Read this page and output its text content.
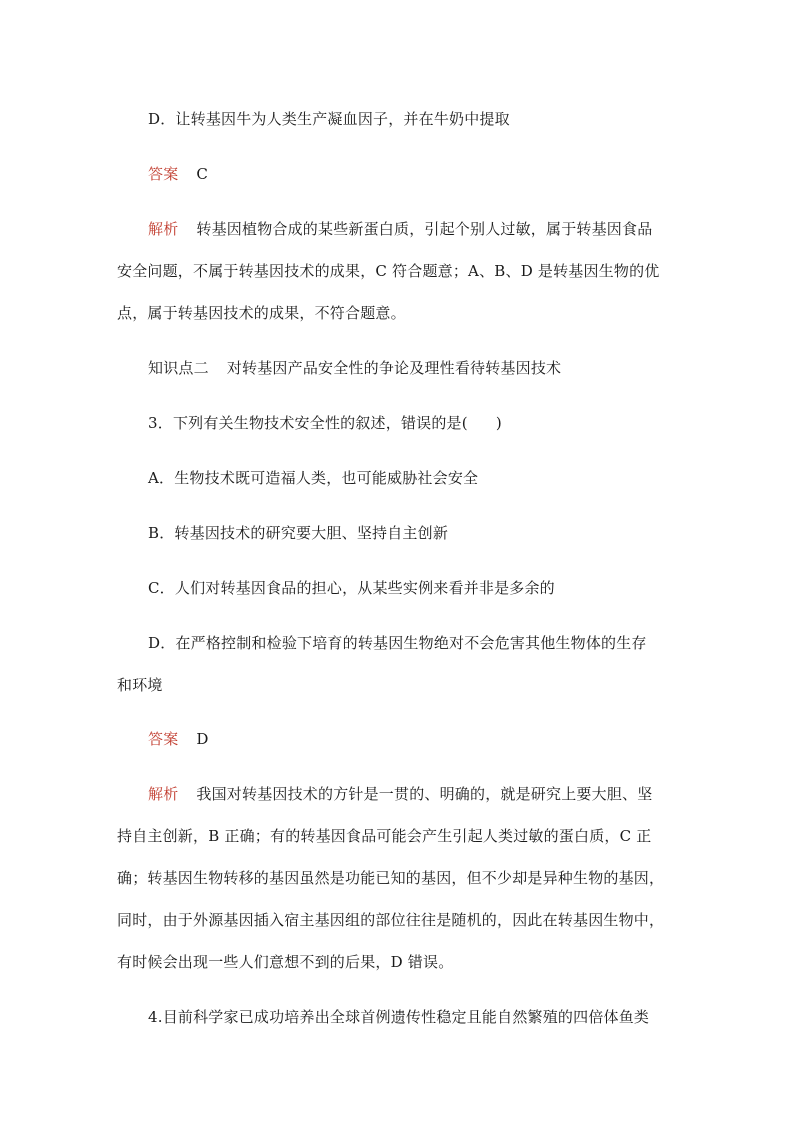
D．让转基因牛为人类生产凝血因子，并在牛奶中提取
答案 C
解析 转基因植物合成的某些新蛋白质，引起个别人过敏，属于转基因食品
安全问题，不属于转基因技术的成果，C 符合题意；A、B、D 是转基因生物的优
点，属于转基因技术的成果，不符合题意。
知识点二 对转基因产品安全性的争论及理性看待转基因技术
3．下列有关生物技术安全性的叙述，错误的是( )
A．生物技术既可造福人类，也可能威胁社会安全
B．转基因技术的研究要大胆、坚持自主创新
C．人们对转基因食品的担心，从某些实例来看并非是多余的
D．在严格控制和检验下培育的转基因生物绝对不会危害其他生物体的生存
和环境
答案 D
解析 我国对转基因技术的方针是一贯的、明确的，就是研究上要大胆、坚
持自主创新，B 正确；有的转基因食品可能会产生引起人类过敏的蛋白质，C 正
确；转基因生物转移的基因虽然是功能已知的基因，但不少却是异种生物的基因，
同时，由于外源基因插入宿主基因组的部位往往是随机的，因此在转基因生物中，
有时候会出现一些人们意想不到的后果，D 错误。
4.目前科学家已成功培养出全球首例遗传性稳定且能自然繁殖的四倍体鱼类
